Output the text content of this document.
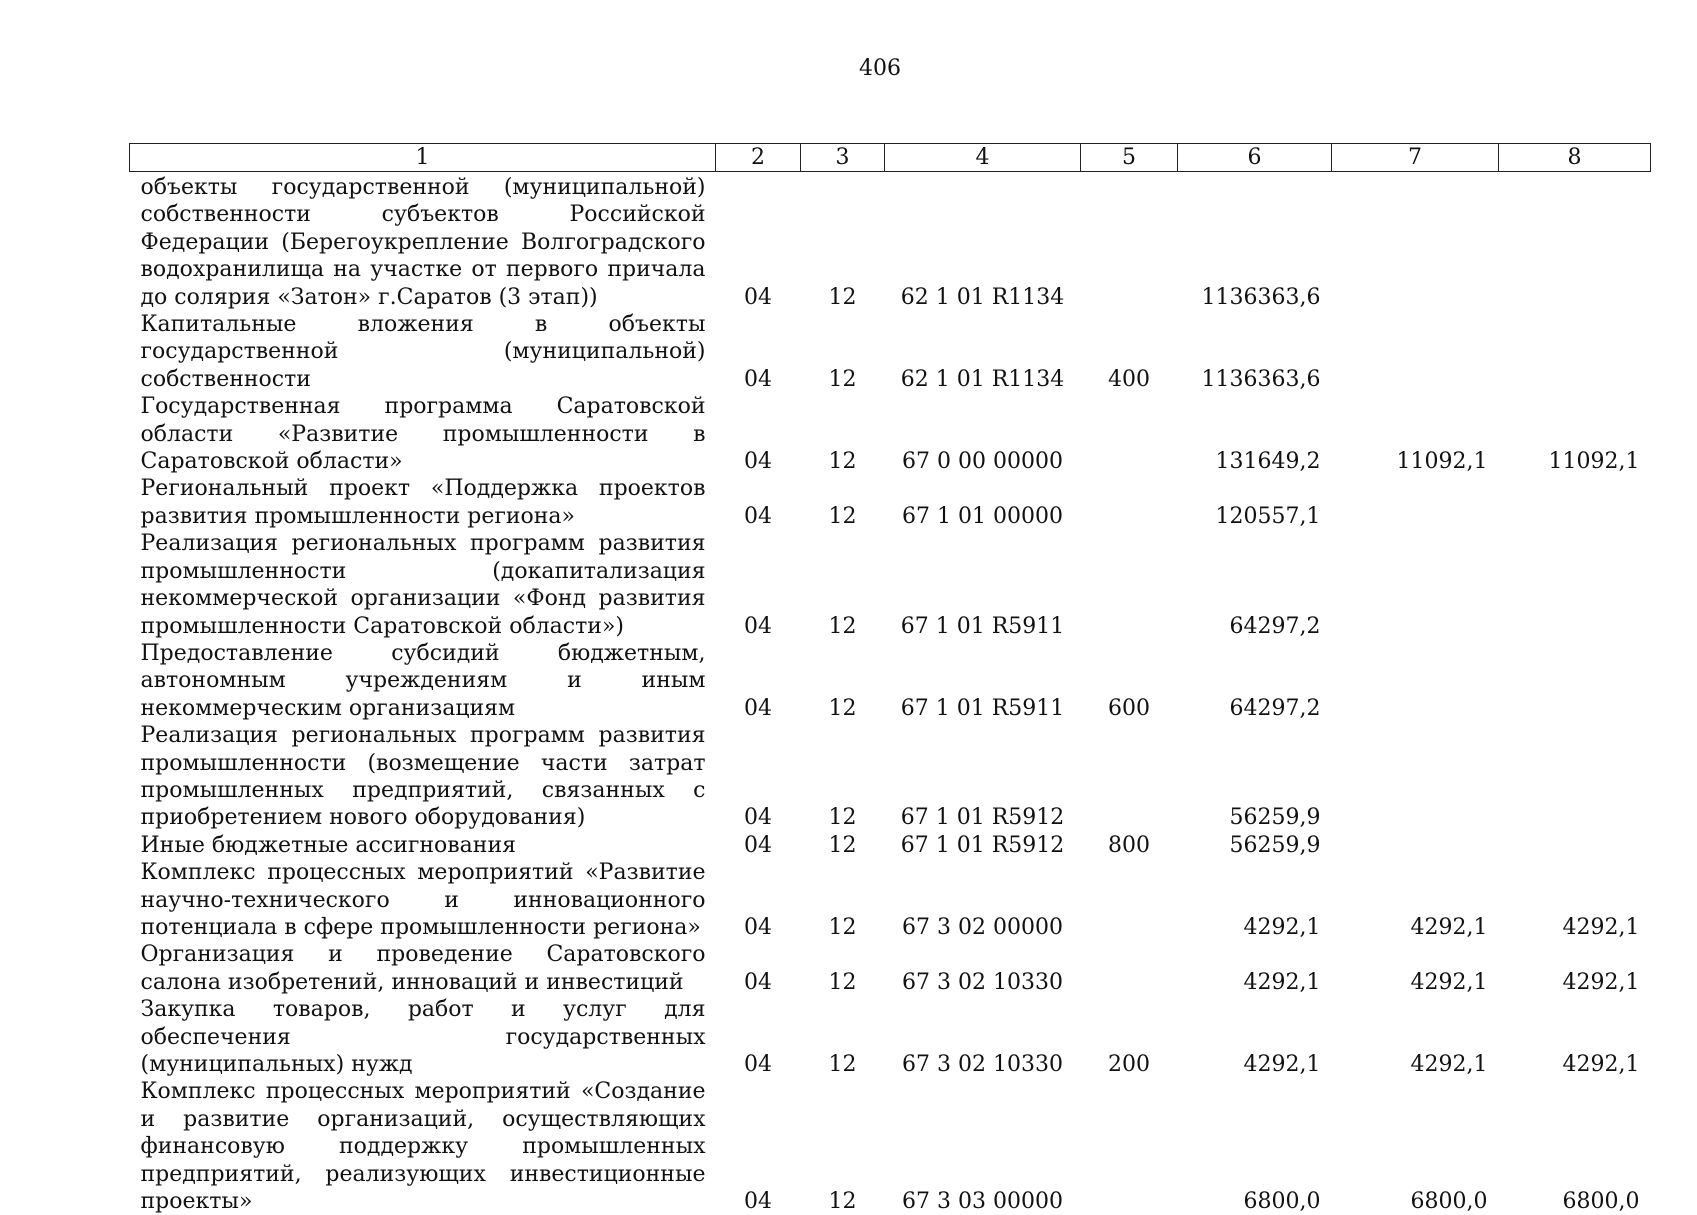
406
1	2	3	4	5	6	7	8
объекты государственной (муниципальной) собственности субъектов Российской Федерации (Берегоукрепление Волгоградского водохранилища на участке от первого причала до солярия «Затон» г.Саратов (3 этап))	04	12	62 1 01 R1134		1136363,6		
Капитальные вложения в объекты государственной (муниципальной) собственности	04	12	62 1 01 R1134	400	1136363,6		
Государственная программа Саратовской области «Развитие промышленности в Саратовской области»	04	12	67 0 00 00000		131649,2	11092,1	11092,1
Региональный проект «Поддержка проектов развития промышленности региона»	04	12	67 1 01 00000		120557,1		
Реализация региональных программ развития промышленности (докапитализация некоммерческой организации «Фонд развития промышленности Саратовской области»)	04	12	67 1 01 R5911		64297,2		
Предоставление субсидий бюджетным, автономным учреждениям и иным некоммерческим организациям	04	12	67 1 01 R5911	600	64297,2		
Реализация региональных программ развития промышленности (возмещение части затрат промышленных предприятий, связанных с приобретением нового оборудования)	04	12	67 1 01 R5912		56259,9		
Иные бюджетные ассигнования	04	12	67 1 01 R5912	800	56259,9		
Комплекс процессных мероприятий «Развитие научно-технического и инновационного потенциала в сфере промышленности региона»	04	12	67 3 02 00000		4292,1	4292,1	4292,1
Организация и проведение Саратовского салона изобретений, инноваций и инвестиций	04	12	67 3 02 10330		4292,1	4292,1	4292,1
Закупка товаров, работ и услуг для обеспечения государственных (муниципальных) нужд	04	12	67 3 02 10330	200	4292,1	4292,1	4292,1
Комплекс процессных мероприятий «Создание и развитие организаций, осуществляющих финансовую поддержку промышленных предприятий, реализующих инвестиционные проекты»	04	12	67 3 03 00000		6800,0	6800,0	6800,0
